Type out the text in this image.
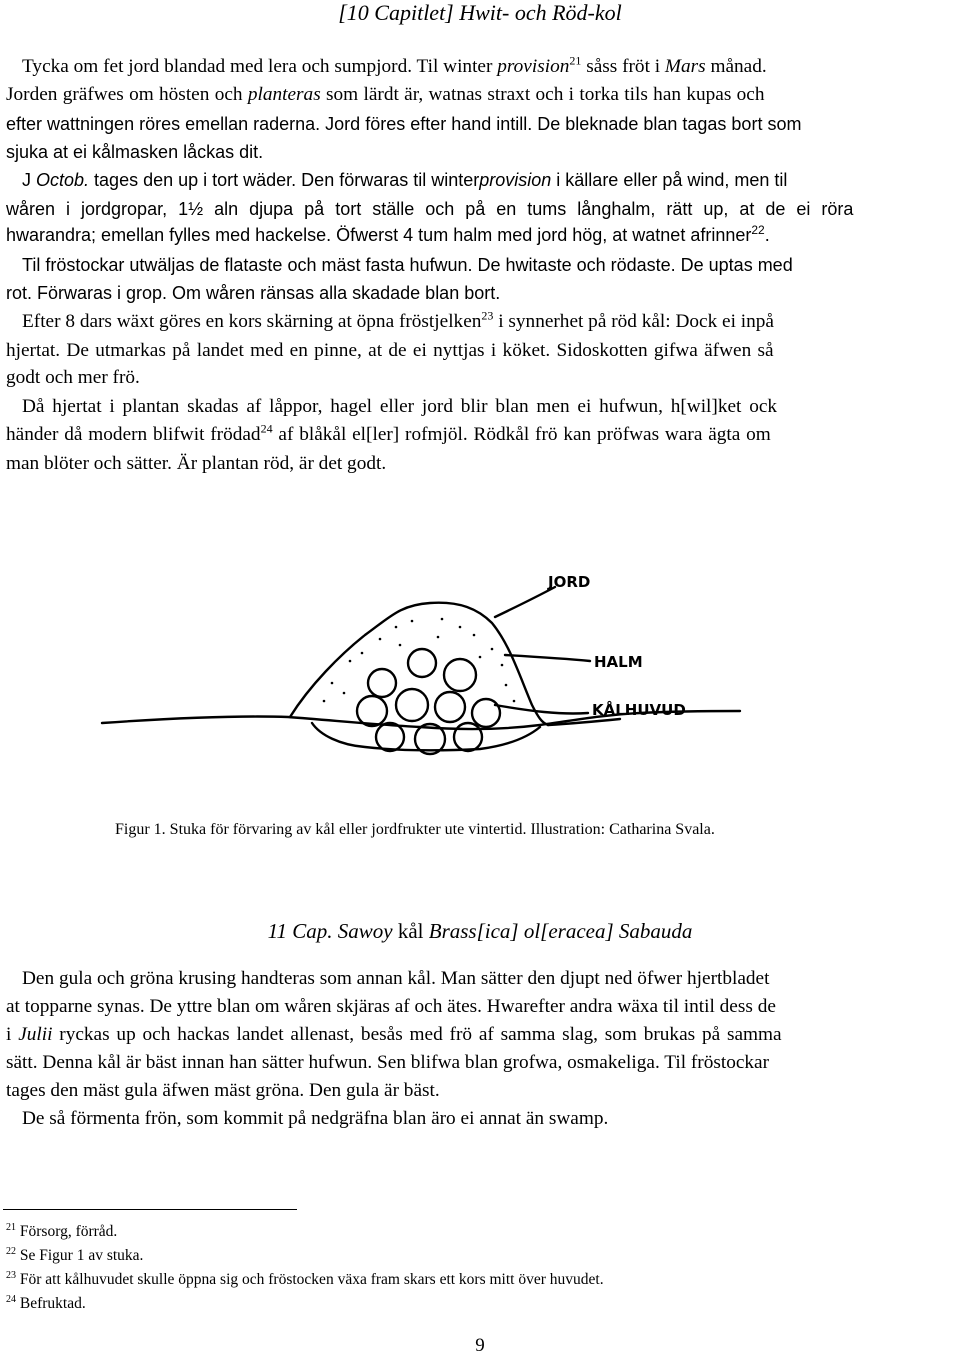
[10 Capitlet] Hwit- och Röd-kol
Tycka om fet jord blandad med lera och sumpjord. Til winter provision$^{21}$ såss fröt i Mars månad.
Jorden gräfwes om hösten och planteras som lärdt är, watnas straxt och i torka tils han kupas och
efter wattningen röres emellan raderna. Jord föres efter hand intill. De bleknade blan tagas bort som
sjuka at ei kålmasken låckas dit.
J Octob. tages den up i tort wäder. Den förwaras til winterprovision i källare eller på wind, men til
wåren i jordgropar, 1½ aln djupa på tort ställe och på en tums långhalm, rätt up, at de ei röra
hwarandra; emellan fylles med hackelse. Öfwerst 4 tum halm med jord hög, at watnet afrinner$^{22}$.
Til fröstockar utwäljas de flataste och mäst fasta hufwun. De hwitaste och rödaste. De uptas med
rot. Förwaras i grop. Om wåren ränsas alla skadade blan bort.
Efter 8 dars wäxt göres en kors skärning at öpna fröstjelken$^{23}$ i synnerhet på röd kål: Dock ei inpå
hjertat. De utmarkas på landet med en pinne, at de ei nyttjas i köket. Sidoskotten gifwa äfwen så
godt och mer frö.
Då hjertat i plantan skadas af låppor, hagel eller jord blir blan men ei hufwun, h[wil]ket ock
händer då modern blifwit frödad$^{24}$ af blåkål el[ler] rofmjöl. Rödkål frö kan pröfwas wara ägta om
man blöter och sätter. Är plantan röd, är det godt.
JORD
HALM
KÅLHUVUD
Figur 1. Stuka för förvaring av kål eller jordfrukter ute vintertid. Illustration: Catharina Svala.
11 Cap. Sawoy kål Brass[ica] ol[eracea] Sabauda
Den gula och gröna krusing handteras som annan kål. Man sätter den djupt ned öfwer hjertbladet
at topparne synas. De yttre blan om wåren skjäras af och ätes. Hwarefter andra wäxa til intil dess de
i Julii ryckas up och hackas landet allenast, besås med frö af samma slag, som brukas på samma
sätt. Denna kål är bäst innan han sätter hufwun. Sen blifwa blan grofwa, osmakeliga. Til fröstockar
tages den mäst gula äfwen mäst gröna. Den gula är bäst.
De så förmenta frön, som kommit på nedgräfna blan äro ei annat än swamp.
$^{21}$ Försorg, förråd.
$^{22}$ Se Figur 1 av stuka.
$^{23}$ För att kålhuvudet skulle öppna sig och fröstocken växa fram skars ett kors mitt över huvudet.
$^{24}$ Befruktad.
9
